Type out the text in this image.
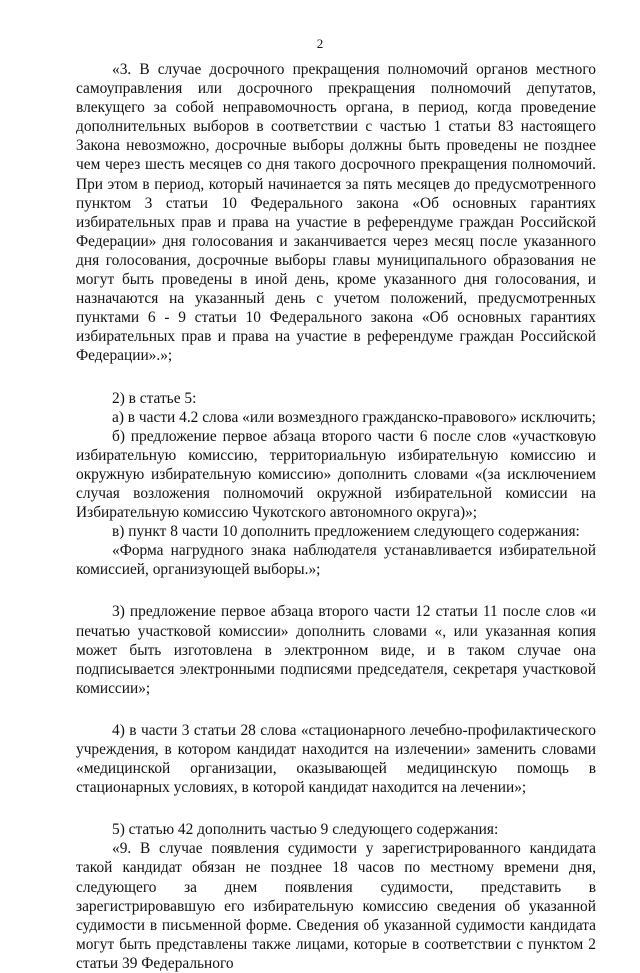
2

«3. В случае досрочного прекращения полномочий органов местного самоуправления или досрочного прекращения полномочий депутатов, влекущего за собой неправомочность органа, в период, когда проведение дополнительных выборов в соответствии с частью 1 статьи 83 настоящего Закона невозможно, досрочные выборы должны быть проведены не позднее чем через шесть месяцев со дня такого досрочного прекращения полномочий. При этом в период, который начинается за пять месяцев до предусмотренного пунктом 3 статьи 10 Федерального закона «Об основных гарантиях избирательных прав и права на участие в референдуме граждан Российской Федерации» дня голосования и заканчивается через месяц после указанного дня голосования, досрочные выборы главы муниципального образования не могут быть проведены в иной день, кроме указанного дня голосования, и назначаются на указанный день с учетом положений, предусмотренных пунктами 6 - 9 статьи 10 Федерального закона «Об основных гарантиях избирательных прав и права на участие в референдуме граждан Российской Федерации».»;

2) в статье 5:

а) в части 4.2 слова «или возмездного гражданско-правового» исключить;

б) предложение первое абзаца второго части 6 после слов «участковую избирательную комиссию, территориальную избирательную комиссию и окружную избирательную комиссию» дополнить словами «(за исключением случая возложения полномочий окружной избирательной комиссии на Избирательную комиссию Чукотского автономного округа)»;

в) пункт 8 части 10 дополнить предложением следующего содержания:

«Форма нагрудного знака наблюдателя устанавливается избирательной комиссией, организующей выборы.»;

3) предложение первое абзаца второго части 12 статьи 11 после слов «и печатью участковой комиссии» дополнить словами «, или указанная копия может быть изготовлена в электронном виде, и в таком случае она подписывается электронными подписями председателя, секретаря участковой комиссии»;

4) в части 3 статьи 28 слова «стационарного лечебно-профилактического учреждения, в котором кандидат находится на излечении» заменить словами «медицинской организации, оказывающей медицинскую помощь в стационарных условиях, в которой кандидат находится на лечении»;

5) статью 42 дополнить частью 9 следующего содержания:

«9. В случае появления судимости у зарегистрированного кандидата такой кандидат обязан не позднее 18 часов по местному времени дня, следующего за днем появления судимости, представить в зарегистрировавшую его избирательную комиссию сведения об указанной судимости в письменной форме. Сведения об указанной судимости кандидата могут быть представлены также лицами, которые в соответствии с пунктом 2 статьи 39 Федерального
